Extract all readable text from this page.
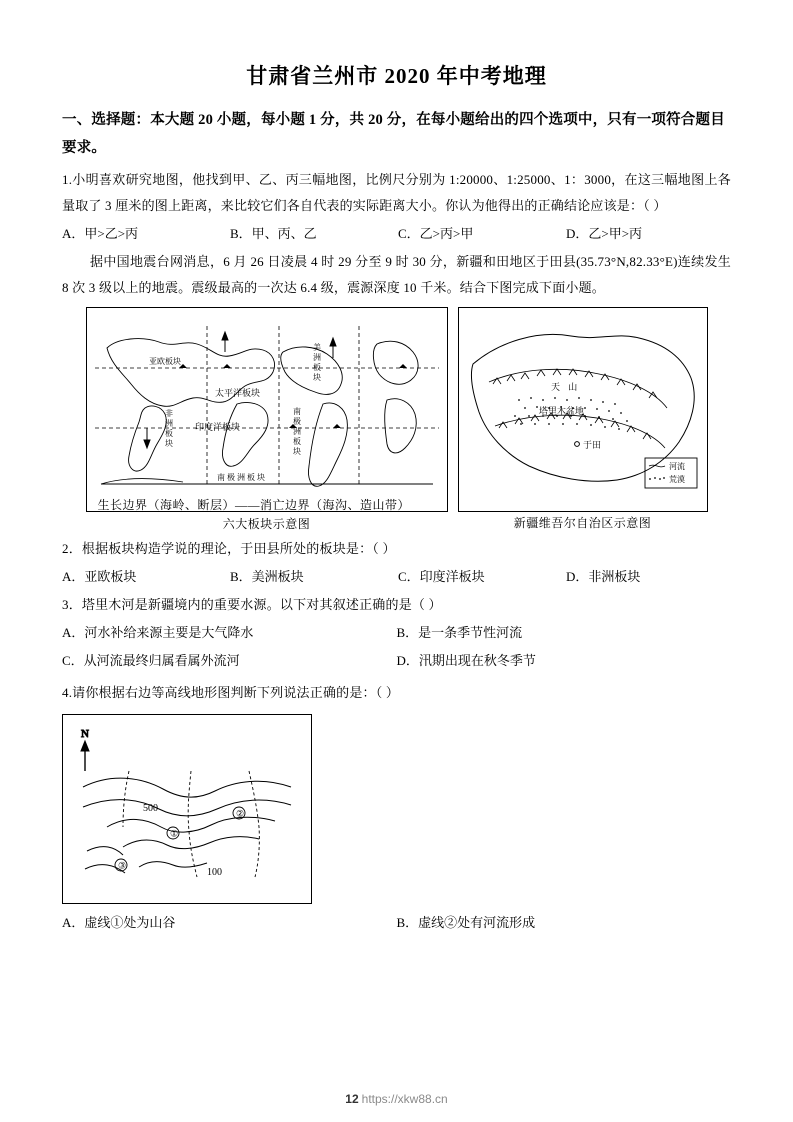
甘肃省兰州市 2020 年中考地理
一、选择题：本大题 20 小题，每小题 1 分，共 20 分，在每小题给出的四个选项中，只有一项符合题目要求。
1.小明喜欢研究地图，他找到甲、乙、丙三幅地图，比例尺分别为 1:20000、1:25000、1：3000，在这三幅地图上各量取了 3 厘米的图上距离，来比较它们各自代表的实际距离大小。你认为他得出的正确结论应该是：（ ）
A．甲>乙>丙	B．甲、丙、乙	C．乙>丙>甲	D．乙>甲>丙
据中国地震台网消息，6 月 26 日凌晨 4 时 29 分至 9 时 30 分，新疆和田地区于田县(35.73°N,82.33°E)连续发生 8 次 3 级以上的地震。震级最高的一次达 6.4 级，震源深度 10 千米。结合下图完成下面小题。
亚欧板块
美
洲
板
块
太平洋板块
非
洲
板
块
印度洋板块
南
极
洲
板
块
南 极 洲 板 块
生长边界（海岭、断层）——消亡边界（海沟、造山带）
六大板块示意图
天 山
塔里木盆地
于田
河流
荒漠
新疆维吾尔自治区示意图
2．根据板块构造学说的理论，于田县所处的板块是：（ ）
A．亚欧板块	B．美洲板块	C．印度洋板块	D．非洲板块
3．塔里木河是新疆境内的重要水源。以下对其叙述正确的是（ ）
A．河水补给来源主要是大气降水	B．是一条季节性河流
C．从河流最终归属看属外流河	D．汛期出现在秋冬季节
4.请你根据右边等高线地形图判断下列说法正确的是：（ ）
N
500
100
①
②
③
A．虚线①处为山谷	B．虚线②处有河流形成
12 https://xkw88.cn
